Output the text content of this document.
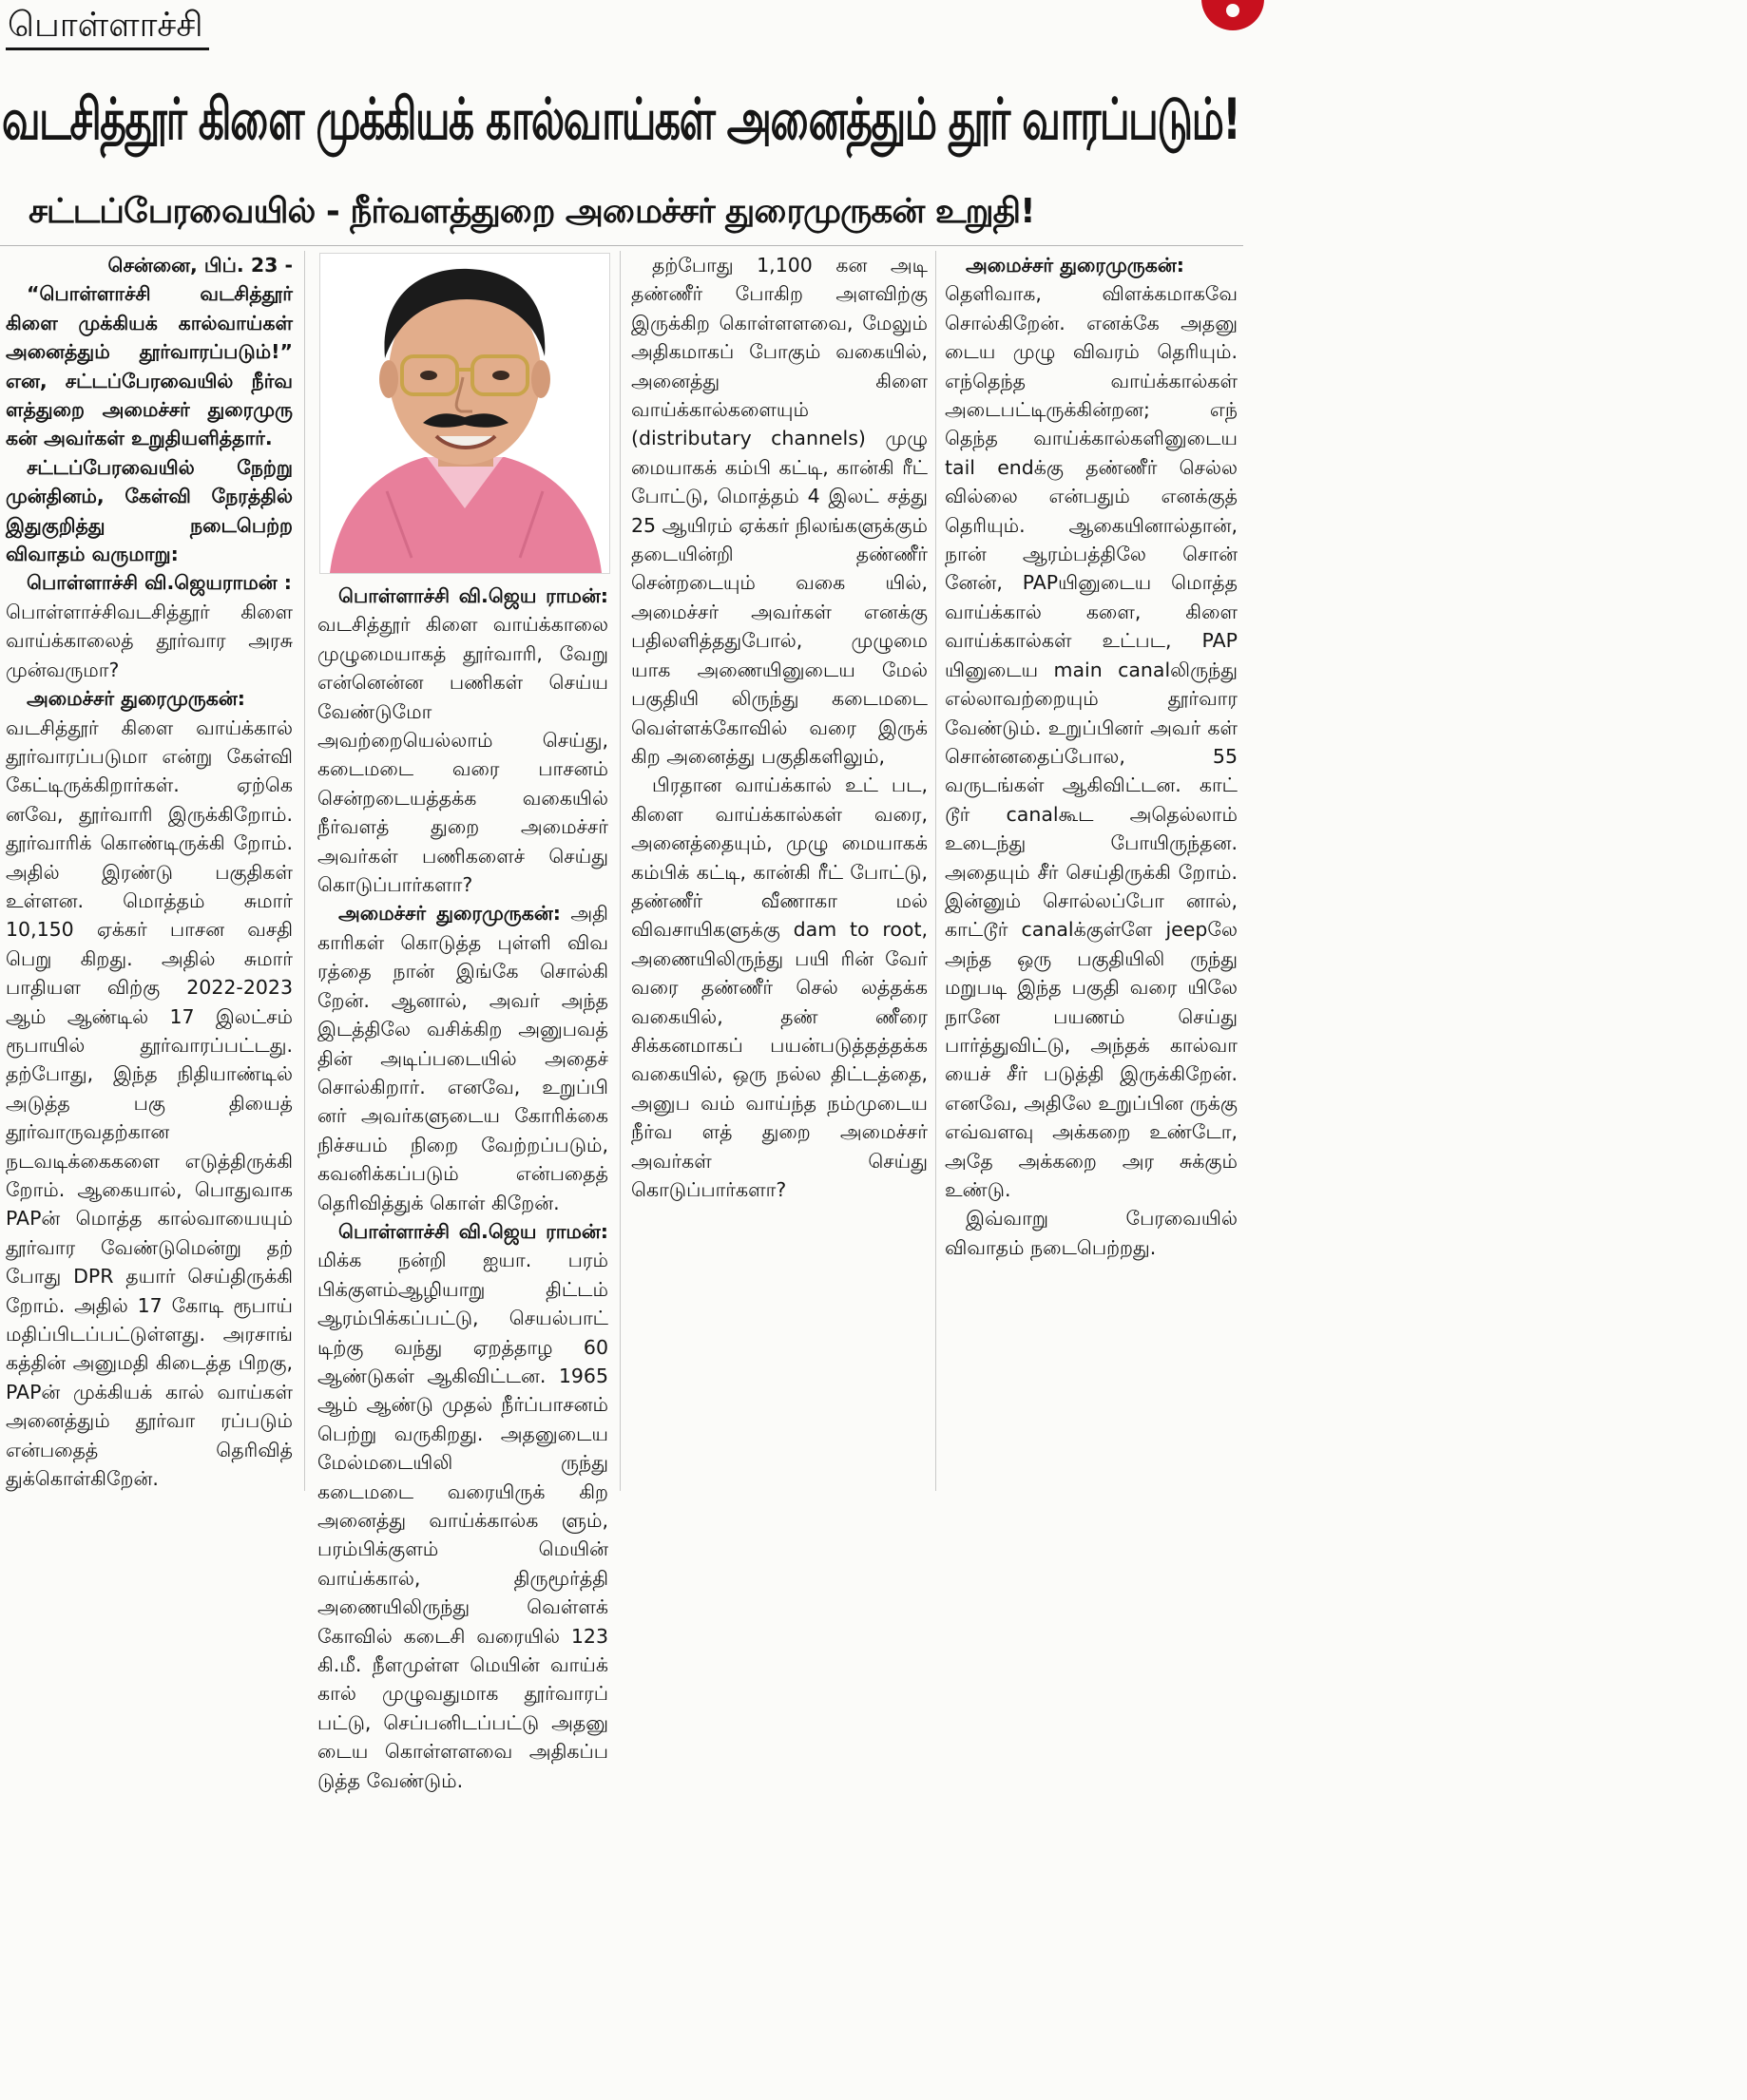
பொள்ளாச்சி
வடசித்தூர் கிளை முக்கியக் கால்வாய்கள் அனைத்தும் தூர் வாரப்படும்!
சட்டப்பேரவையில் - நீர்வளத்துறை அமைச்சர் துரைமுருகன் உறுதி!

சென்னை, பிப். 23 -

“பொள்ளாச்சி வடசித்தூர் கிளை முக்கியக் கால்வாய்கள் அனைத்தும் தூர்வாரப்படும்!” என, சட்டப்பேரவையில் நீர்வ ளத்துறை அமைச்சர் துரைமுரு கன் அவர்கள் உறுதியளித்தார்.

சட்டப்பேரவையில் நேற்று முன்தினம், கேள்வி நேரத்தில் இதுகுறித்து நடைபெற்ற விவாதம் வருமாறு:

பொள்ளாச்சி வி.ஜெயராமன் :
பொள்ளாச்சிவடசித்தூர் கிளை வாய்க்காலைத் தூர்வார அரசு முன்வருமா?

அமைச்சர் துரைமுருகன்:
வடசித்தூர் கிளை வாய்க்கால் தூர்வாரப்படுமா என்று கேள்வி கேட்டிருக்கிறார்கள். ஏற்கெ னவே, தூர்வாரி இருக்கிறோம். தூர்வாரிக் கொண்டிருக்கி றோம். அதில் இரண்டு பகுதிகள் உள்ளன. மொத்தம் சுமார் 10,150 ஏக்கர் பாசன வசதி பெறு கிறது. அதில் சுமார் பாதியள விற்கு 2022-2023 ஆம் ஆண்டில் 17 இலட்சம் ரூபாயில் தூர்வாரப்பட்டது. தற்போது, இந்த நிதியாண்டில் அடுத்த பகு தியைத் தூர்வாருவதற்கான நடவடிக்கைகளை எடுத்திருக்கி றோம். ஆகையால், பொதுவாக PAPன் மொத்த கால்வாயையும் தூர்வார வேண்டுமென்று தற் போது DPR தயார் செய்திருக்கி றோம். அதில் 17 கோடி ரூபாய் மதிப்பிடப்பட்டுள்ளது. அரசாங் கத்தின் அனுமதி கிடைத்த பிறகு, PAPன் முக்கியக் கால் வாய்கள் அனைத்தும் தூர்வா ரப்படும் என்பதைத் தெரிவித் துக்கொள்கிறேன்.

பொள்ளாச்சி வி.ஜெய ராமன்: வடசித்தூர் கிளை வாய்க்காலை முழுமையாகத் தூர்வாரி, வேறு என்னென்ன பணிகள் செய்ய வேண்டுமோ அவற்றையெல்லாம் செய்து, கடைமடை வரை பாசனம் சென்றடையத்தக்க வகையில் நீர்வளத் துறை அமைச்சர் அவர்கள் பணிகளைச் செய்து கொடுப்பார்களா?

அமைச்சர் துரைமுருகன்: அதி காரிகள் கொடுத்த புள்ளி விவ ரத்தை நான் இங்கே சொல்கி றேன். ஆனால், அவர் அந்த இடத்திலே வசிக்கிற அனுபவத் தின் அடிப்படையில் அதைச் சொல்கிறார். எனவே, உறுப்பி னர் அவர்களுடைய கோரிக்கை நிச்சயம் நிறை வேற்றப்படும், கவனிக்கப்படும் என்பதைத் தெரிவித்துக் கொள் கிறேன்.

பொள்ளாச்சி வி.ஜெய ராமன்: மிக்க நன்றி ஐயா. பரம் பிக்குளம்ஆழியாறு திட்டம் ஆரம்பிக்கப்பட்டு, செயல்பாட் டிற்கு வந்து ஏறத்தாழ 60 ஆண்டுகள் ஆகிவிட்டன. 1965 ஆம் ஆண்டு முதல் நீர்ப்பாசனம் பெற்று வருகிறது. அதனுடைய மேல்மடையிலி ருந்து கடைமடை வரையிருக் கிற அனைத்து வாய்க்கால்க ளும், பரம்பிக்குளம் மெயின் வாய்க்கால், திருமூர்த்தி அணையிலிருந்து வெள்ளக் கோவில் கடைசி வரையில் 123 கி.மீ. நீளமுள்ள மெயின் வாய்க் கால் முழுவதுமாக தூர்வாரப் பட்டு, செப்பனிடப்பட்டு அதனு டைய கொள்ளளவை அதிகப்ப டுத்த வேண்டும்.

தற்போது 1,100 கன அடி தண்ணீர் போகிற அளவிற்கு இருக்கிற கொள்ளளவை, மேலும் அதிகமாகப் போகும் வகையில், அனைத்து கிளை வாய்க்கால்களையும் (distributary channels) முழு மையாகக் கம்பி கட்டி, கான்கி ரீட் போட்டு, மொத்தம் 4 இலட் சத்து 25 ஆயிரம் ஏக்கர் நிலங்களுக்கும் தடையின்றி தண்ணீர் சென்றடையும் வகை யில், அமைச்சர் அவர்கள் எனக்கு பதிலளித்ததுபோல், முழுமை யாக அணையினுடைய மேல் பகுதியி லிருந்து கடைமடை வெள்ளக்கோவில் வரை இருக் கிற அனைத்து பகுதிகளிலும்,

பிரதான வாய்க்கால் உட் பட, கிளை வாய்க்கால்கள் வரை, அனைத்தையும், முழு மையாகக் கம்பிக் கட்டி, கான்கி ரீட் போட்டு, தண்ணீர் வீணாகா மல் விவசாயிகளுக்கு dam to root, அணையிலிருந்து பயி ரின் வேர் வரை தண்ணீர் செல் லத்தக்க வகையில், தண் ணீரை சிக்கனமாகப் பயன்படுத்தத்தக்க வகையில், ஒரு நல்ல திட்டத்தை, அனுப வம் வாய்ந்த நம்முடைய நீர்வ ளத் துறை அமைச்சர் அவர்கள் செய்து கொடுப்பார்களா?

அமைச்சர் துரைமுருகன்:
தெளிவாக, விளக்கமாகவே சொல்கிறேன். எனக்கே அதனு டைய முழு விவரம் தெரியும். எந்தெந்த வாய்க்கால்கள் அடைபட்டிருக்கின்றன; எந் தெந்த வாய்க்கால்களினுடைய tail endக்கு தண்ணீர் செல்ல வில்லை என்பதும் எனக்குத் தெரியும். ஆகையினால்தான், நான் ஆரம்பத்திலே சொன் னேன், PAPயினுடைய மொத்த வாய்க்கால் களை, கிளை வாய்க்கால்கள் உட்பட, PAP யினுடைய main canalலிருந்து எல்லாவற்றையும் தூர்வார வேண்டும். உறுப்பினர் அவர் கள் சொன்னதைப்போல, 55 வருடங்கள் ஆகிவிட்டன. காட் டூர் canalகூட அதெல்லாம் உடைந்து போயிருந்தன. அதையும் சீர் செய்திருக்கி றோம். இன்னும் சொல்லப்போ னால், காட்டூர் canalக்குள்ளே jeepலே அந்த ஒரு பகுதியிலி ருந்து மறுபடி இந்த பகுதி வரை யிலே நானே பயணம் செய்து பார்த்துவிட்டு, அந்தக் கால்வா யைச் சீர் படுத்தி இருக்கிறேன். எனவே, அதிலே உறுப்பின ருக்கு எவ்வளவு அக்கறை உண்டோ, அதே அக்கறை அர சுக்கும் உண்டு.

இவ்வாறு பேரவையில் விவாதம் நடைபெற்றது.
